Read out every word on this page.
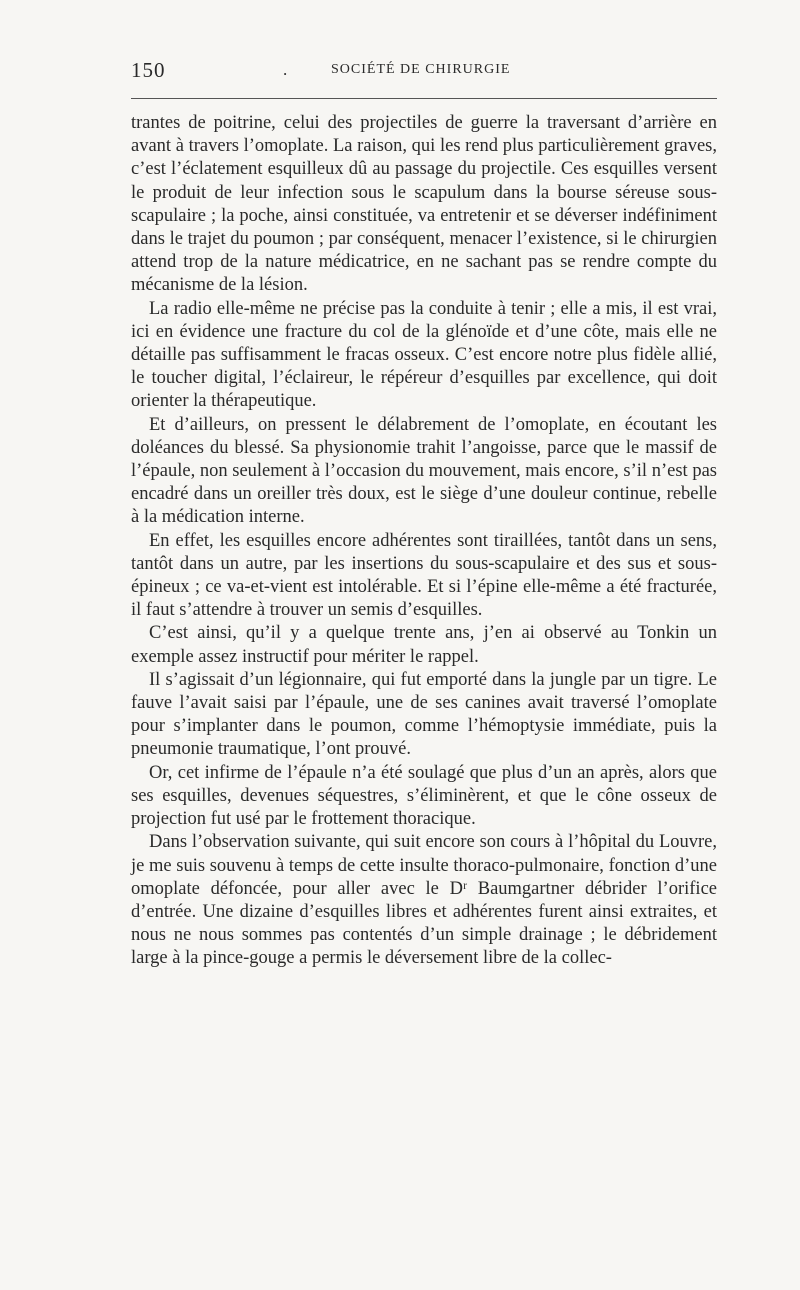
150	.	SOCIÉTÉ DE CHIRURGIE

trantes de poitrine, celui des projectiles de guerre la traversant d’arrière en avant à travers l’omoplate. La raison, qui les rend plus particulièrement graves, c’est l’éclatement esquilleux dû au passage du projectile. Ces esquilles versent le produit de leur infection sous le scapulum dans la bourse séreuse sous-scapulaire ; la poche, ainsi constituée, va entretenir et se déverser indéfiniment dans le trajet du poumon ; par conséquent, menacer l’existence, si le chirurgien attend trop de la nature médicatrice, en ne sachant pas se rendre compte du mécanisme de la lésion.

La radio elle-même ne précise pas la conduite à tenir ; elle a mis, il est vrai, ici en évidence une fracture du col de la glénoïde et d’une côte, mais elle ne détaille pas suffisamment le fracas osseux. C’est encore notre plus fidèle allié, le toucher digital, l’éclaireur, le répéreur d’esquilles par excellence, qui doit orienter la thérapeutique.

Et d’ailleurs, on pressent le délabrement de l’omoplate, en écoutant les doléances du blessé. Sa physionomie trahit l’angoisse, parce que le massif de l’épaule, non seulement à l’occasion du mouvement, mais encore, s’il n’est pas encadré dans un oreiller très doux, est le siège d’une douleur continue, rebelle à la médication interne.

En effet, les esquilles encore adhérentes sont tiraillées, tantôt dans un sens, tantôt dans un autre, par les insertions du sous-scapulaire et des sus et sous-épineux ; ce va-et-vient est intolérable. Et si l’épine elle-même a été fracturée, il faut s’attendre à trouver un semis d’esquilles.

C’est ainsi, qu’il y a quelque trente ans, j’en ai observé au Tonkin un exemple assez instructif pour mériter le rappel.

Il s’agissait d’un légionnaire, qui fut emporté dans la jungle par un tigre. Le fauve l’avait saisi par l’épaule, une de ses canines avait traversé l’omoplate pour s’implanter dans le poumon, comme l’hémoptysie immédiate, puis la pneumonie traumatique, l’ont prouvé.

Or, cet infirme de l’épaule n’a été soulagé que plus d’un an après, alors que ses esquilles, devenues séquestres, s’éliminèrent, et que le cône osseux de projection fut usé par le frottement thoracique.

Dans l’observation suivante, qui suit encore son cours à l’hôpital du Louvre, je me suis souvenu à temps de cette insulte thoraco-pulmonaire, fonction d’une omoplate défoncée, pour aller avec le Dʳ Baumgartner débrider l’orifice d’entrée. Une dizaine d’esquilles libres et adhérentes furent ainsi extraites, et nous ne nous sommes pas contentés d’un simple drainage ; le débridement large à la pince-gouge a permis le déversement libre de la collec-
